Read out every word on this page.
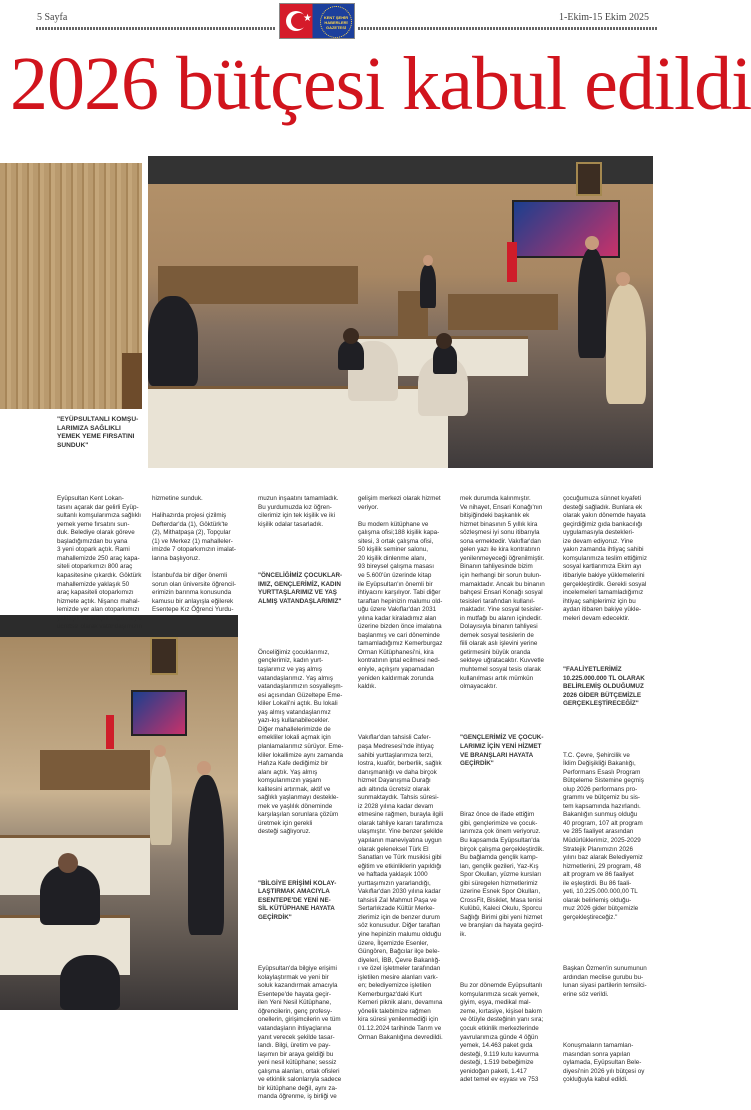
5 Sayfa	★	KENT ŞEHİR HABERLERİ GAZETESİ
1-Ekim-15 Ekim 2025
2026 bütçesi kabul edildi
"EYÜPSULTANLI KOMŞU-
LARIMIZA SAĞLIKLI
YEMEK YEME FIRSATINI
SUNDUK"

Eyüpsultan Kent Lokan-
tasını açarak dar gelirli Eyüp-
sultanlı komşularımıza sağlıklı
yemek yeme fırsatını sun-
duk. Belediye olarak göreve
başladığımızdan bu yana
3 yeni otopark açtık. Rami
mahallemizde 250 araç kapa-
siteli otoparkımızı 800 araç
kapasitesine çıkardık. Göktürk
mahallemizde yaklaşık 50
araç kapasiteli otoparkımızı
hizmete açtık. Nişancı mahal-
lemizde yer alan otoparkımızı
yaklaşık 70 araçlık kapasiteyle
ücretsiz olarak vatandaşımızın

hizmetine sunduk.

Halihazırda projesi çizilmiş
Defterdar'da (1), Göktürk'te
(2), Mithatpaşa (2), Topçular
(1) ve Merkez (1) mahalleler-
imizde 7 otoparkımızın imalat-
larına başlıyoruz.

İstanbul'da bir diğer önemli
sorun olan üniversite öğrencil-
erimizin barınma konusunda
kamusu bir anlayışla eğilerek
Esentepe Kız Öğrenci Yurdu-

muzun inşaatını tamamladık.
Bu yurdumuzda kız öğren-
cilerimiz için tek kişilik ve iki
kişilik odalar tasarladık.

"ÖNCELİĞİMİZ ÇOCUKLAR-
IMIZ, GENÇLERİMİZ, KADIN
YURTTAŞLARIMIZ VE YAŞ
ALMIŞ VATANDAŞLARIMIZ"

Önceliğimiz çocuklarımız,
gençlerimiz, kadın yurt-
taşlarımız ve yaş almış
vatandaşlarımız. Yaş almış
vatandaşlarımızın sosyalleşm-
esi açısından Güzeltepe Eme-
kliler Lokali'ni açtık. Bu lokali
yaş almış vatandaşlarımız
yazı-kış kullanabilecekler.
Diğer mahallelerimizde de
emekliler lokali açmak için
planlamalarımız sürüyor. Eme-
kliler lokallimize aynı zamanda
Hafıza Kafe dediğimiz bir
alanı açtık. Yaş almış
komşularımızın yaşam
kalitesini artırmak, aktif ve
sağlıklı yaşlanmayı destekle-
mek ve yaşlılık döneminde
karşılaşılan sorunlara çözüm
üretmek için gerekli
desteği sağlıyoruz.

"BİLGİYE ERİŞİMİ KOLAY-
LAŞTIRMAK AMACIYLA
ESENTEPE'DE YENİ NE-
SİL KÜTÜPHANE HAYATA
GEÇİRDİK"

Eyüpsultan'da bilgiye erişimi
kolaylaştırmak ve yeni bir
soluk kazandırmak amacıyla
Esentepe'de hayata geçir-
ilen Yeni Nesil Kütüphane,
öğrencilerin, genç profesy-
onellerin, girişimcilerin ve tüm
vatandaşların ihtiyaçlarına
yanıt verecek şekilde tasar-
landı. Bilgi, üretim ve pay-
laşımın bir araya geldiği bu
yeni nesil kütüphane; sessiz
çalışma alanları, ortak ofisleri
ve etkinlik salonlarıyla sadece
bir kütüphane değil, aynı za-
manda öğrenme, iş birliği ve

gelişim merkezi olarak hizmet
veriyor.

Bu modern kütüphane ve
çalışma ofisi;188 kişilik kapa-
sitesi, 3 ortak çalışma ofisi,
50 kişilik seminer salonu,
20 kişilik dinlenme alanı,
93 bireysel çalışma masası
ve 5.600'ün üzerinde kitap
ile Eyüpsultan'ın önemli bir
ihtiyacını karşılıyor. Tabi diğer
taraftan hepinizin malumu old-
uğu üzere Vakıflar'dan 2031
yılına kadar kiraladımız alan
üzerine bizden önce imalatına
başlanmış ve cari döneminde
tamamladığımız Kemerburgaz
Orman Kütüphanesi'ni, kira
kontratının iptal ecilmesi ned-
eniyle, açılışını yapamadan
yeniden kaldırmak zorunda
kaldık.

Vakıflar'dan tahsisli Cafer-
paşa Medresesi'nde ihtiyaç
sahibi yurttaşlarımıza terzi,
lostra, kuaför, berberlik, sağlık
danışmanlığı ve daha birçok
hizmet Dayanışma Durağı
adı altında ücretsiz olarak
sunmaktaydık. Tahsis süresi-
iz 2028 yılına kadar devam
etmesine rağmen, burayla ilgili
olarak tahliye kararı tarafımıza
ulaşmıştır. Yine benzer şekilde
yapılanın maneviyatına uygun
olarak geleneksel Türk El
Sanatları ve Türk musikisi gibi
eğitim ve etkinliklerin yapıldığı
ve haftada yaklaşık 1000
yurttaşımızın yararlandığı,
Vakıflar'dan 2030 yılına kadar
tahsisli Zal Mahmut Paşa ve
Sertarlıkzade Kültür Merke-
zlerimiz için de benzer durum
söz konusudur. Diğer taraftan
yine hepinizin malumu olduğu
üzere, İlçemizde Esenler,
Güngören, Bağcılar ilçe bele-
diyeleri, İBB, Çevre Bakanlığ-
ı ve özel işletmeler tarafından
işletilen mesire alanları vark-
en; belediyemizce işletilen
Kemerburgaz'daki Kurt
Kemeri piknik alanı, devamına
yönelik talebimize rağmen
kira süresi yenilenmediği için
01.12.2024 tarihinde Tarım ve
Orman Bakanlığına devredildi.

mek durumda kalınmıştır.
Ve nihayet, Ensari Konağı'nın
bitişiğindeki başkanlık ek
hizmet binasının 5 yıllık kira
sözleşmesi iyi sonu itibarıyla
sona ermektedir. Vakıflar'dan
gelen yazı ile kira kontratının
yenilenmeyeceği öğrenilmiştir.
Binanın tahliyesinde bizim
için herhangi bir sorun bulun-
mamaktadır. Ancak bu binanın
bahçesi Ensari Konağı sosyal
tesisleri tarafından kullanıl-
maktadır. Yine sosyal tesisler-
in mutfağı bu alanın içindedir.
Dolayısıyla binanın tahliyesi
demek sosyal tesislerin de
fiili olarak aslı işlevini yerine
getirmesini büyük oranda
sekteye uğratacaktır. Kuvvetle
muhtemel sosyal tesis olarak
kullanılması artık mümkün
olmayacaktır.

"GENÇLERİMİZ VE ÇOCUK-
LARIMIZ İÇİN YENİ HİZMET
VE BRANŞLARI HAYATA
GEÇİRDİK"

Biraz önce de ifade ettiğim
gibi, gençlerimize ve çocuk-
larımıza çok önem veriyoruz.
Bu kapsamda Eyüpsultan'da
birçok çalışma gerçekleştirdik.
Bu bağlamda gençlik kamp-
ları, gençlik gezileri, Yaz-Kış
Spor Okulları, yüzme kursları
gibi süregelen hizmetlerimiz
üzerine Esnek Spor Okulları,
CrossFit, Bisiklet, Masa tenisi
Kulübü, Kaleci Okulu, Sporcu
Sağlığı Birimi gibi yeni hizmet
ve branşları da hayata geçird-
ik.

Bu zor dönemde Eyüpsultanlı
komşularımıza sıcak yemek,
giyim, eşya, medikal mal-
zeme, kırtasiye, kişisel bakım
ve ötüyle desteğinin yanı sıra;
çocuk etkinlik merkezlerinde
yavrularımıza günde 4 öğün
yemek, 14.463 paket gıda
desteği, 9.119 kutu kavurma
desteği, 1.519 bebeğimize
yenidoğan paketi, 1.417
adet temel ev eşyası ve 753

çocuğumuza sünnet kıyafeti
desteği sağladık. Bunlara ek
olarak yakın dönemde hayata
geçirdiğimiz gıda bankacılığı
uygulamasıyla destekleri-
ize devam ediyoruz. Yine
yakın zamanda ihtiyaç sahibi
komşularımıza teslim ettiğimiz
sosyal kartlarımıza Ekim ayı
itibariyle bakiye yüklemelerini
gerçekleştirdik. Gerekli sosyal
incelemeleri tamamladığımız
ihtiyaç sahiplerimiz için bu
aydan itibaren bakiye yükle-
meleri devam edecektir.

"FAALİYETLERİMİZ
10.225.000.000 TL OLARAK
BELİRLEMİŞ OLDUĞUMUZ
2026 GİDER BÜTÇEMİZLE
GERÇEKLEŞTİRECEĞİZ"

T.C. Çevre, Şehircilik ve
İklim Değişikliği Bakanlığı,
Performans Esaslı Program
Bütçeleme Sistemine geçmiş
olup 2026 performans pro-
grammı ve bütçemiz bu sis-
tem kapsamında hazırlandı.
Bakanlığın sunmuş olduğu
40 program, 107 alt program
ve 285 faaliyet arasından
Müdürlüklerimiz, 2025-2029
Stratejik Planımızın 2026
yılını baz alarak Belediyemiz
hizmetlerini, 29 program, 48
alt program ve 86 faaliyet
ile eşleştirdi. Bu 86 faali-
yeti, 10.225.000.000,00 TL
olarak belirlemiş olduğu-
muz 2026 gider bütçemizle
gerçekleştireceğiz."

Başkan Özmen'in sunumunun
ardından meclise gurubu bu-
lunan siyasi partilerin temsilci-
erine söz verildi.

Konuşmaların tamamlan-
masından sonra yapılan
oylamada, Eyüpsultan Bele-
diyesi'nin 2026 yılı bütçesi oy
çokluğuyla kabul edildi.
